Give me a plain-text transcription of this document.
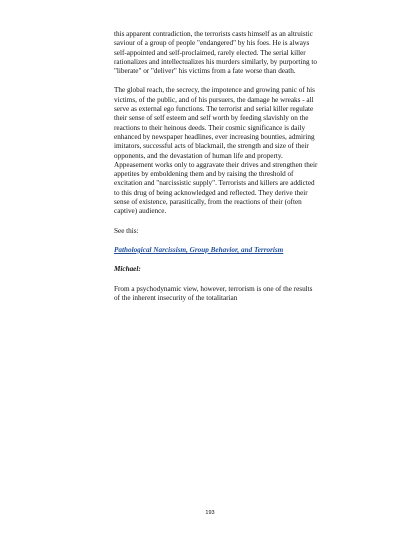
this apparent contradiction, the terrorists casts himself as an altruistic saviour of a group of people "endangered" by his foes. He is always self-appointed and self-proclaimed, rarely elected. The serial killer rationalizes and intellectualizes his murders similarly, by purporting to "liberate" or "deliver" his victims from a fate worse than death.

The global reach, the secrecy, the impotence and growing panic of his victims, of the public, and of his pursuers, the damage he wreaks - all serve as external ego functions. The terrorist and serial killer regulate their sense of self esteem and self worth by feeding slavishly on the reactions to their heinous deeds. Their cosmic significance is daily enhanced by newspaper headlines, ever increasing bounties, admiring imitators, successful acts of blackmail, the strength and size of their opponents, and the devastation of human life and property. Appeasement works only to aggravate their drives and strengthen their appetites by emboldening them and by raising the threshold of excitation and "narcissistic supply". Terrorists and killers are addicted to this drug of being acknowledged and reflected. They derive their sense of existence, parasitically, from the reactions of their (often captive) audience.

See this:

Pathological Narcissism, Group Behavior, and Terrorism

Michael:

From a psychodynamic view, however, terrorism is one of the results of the inherent insecurity of the totalitarian

193
